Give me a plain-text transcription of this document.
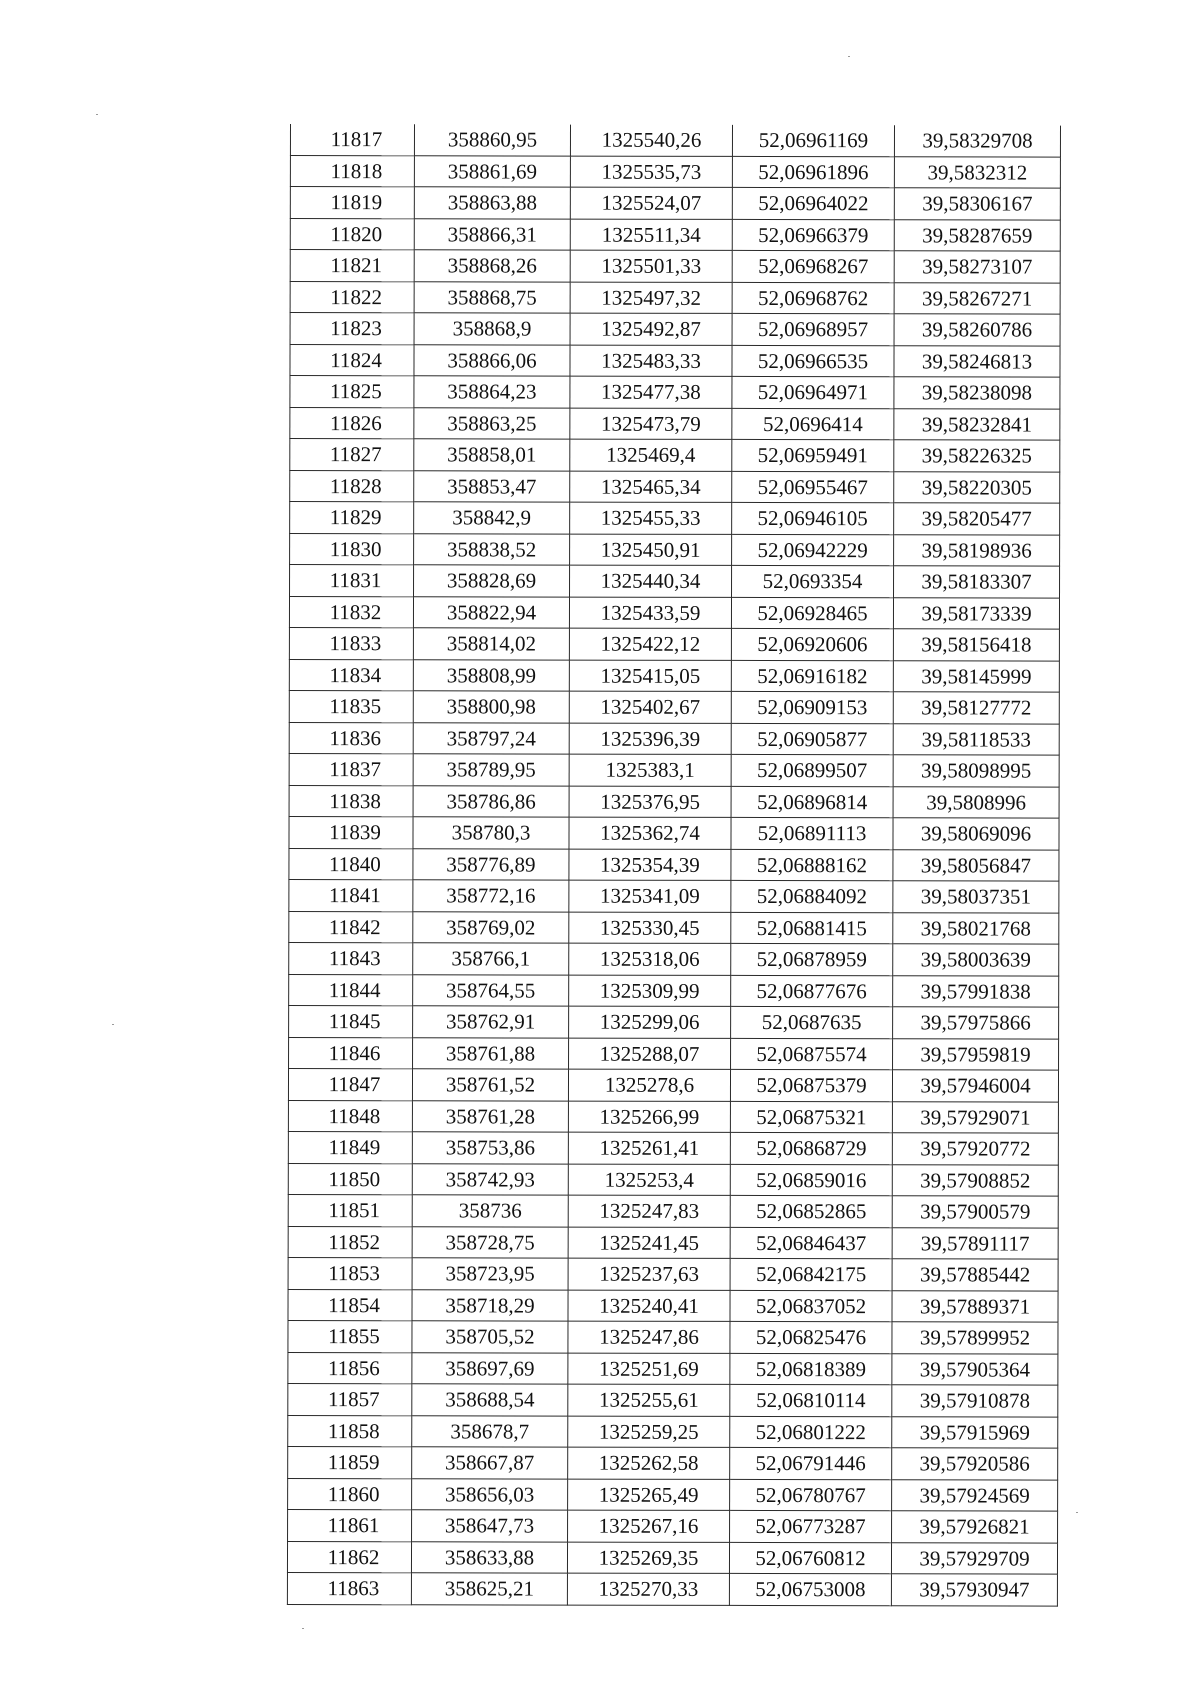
11817	358860,95	1325540,26	52,06961169	39,58329708
11818	358861,69	1325535,73	52,06961896	39,5832312
11819	358863,88	1325524,07	52,06964022	39,58306167
11820	358866,31	1325511,34	52,06966379	39,58287659
11821	358868,26	1325501,33	52,06968267	39,58273107
11822	358868,75	1325497,32	52,06968762	39,58267271
11823	358868,9	1325492,87	52,06968957	39,58260786
11824	358866,06	1325483,33	52,06966535	39,58246813
11825	358864,23	1325477,38	52,06964971	39,58238098
11826	358863,25	1325473,79	52,0696414	39,58232841
11827	358858,01	1325469,4	52,06959491	39,58226325
11828	358853,47	1325465,34	52,06955467	39,58220305
11829	358842,9	1325455,33	52,06946105	39,58205477
11830	358838,52	1325450,91	52,06942229	39,58198936
11831	358828,69	1325440,34	52,0693354	39,58183307
11832	358822,94	1325433,59	52,06928465	39,58173339
11833	358814,02	1325422,12	52,06920606	39,58156418
11834	358808,99	1325415,05	52,06916182	39,58145999
11835	358800,98	1325402,67	52,06909153	39,58127772
11836	358797,24	1325396,39	52,06905877	39,58118533
11837	358789,95	1325383,1	52,06899507	39,58098995
11838	358786,86	1325376,95	52,06896814	39,5808996
11839	358780,3	1325362,74	52,06891113	39,58069096
11840	358776,89	1325354,39	52,06888162	39,58056847
11841	358772,16	1325341,09	52,06884092	39,58037351
11842	358769,02	1325330,45	52,06881415	39,58021768
11843	358766,1	1325318,06	52,06878959	39,58003639
11844	358764,55	1325309,99	52,06877676	39,57991838
11845	358762,91	1325299,06	52,0687635	39,57975866
11846	358761,88	1325288,07	52,06875574	39,57959819
11847	358761,52	1325278,6	52,06875379	39,57946004
11848	358761,28	1325266,99	52,06875321	39,57929071
11849	358753,86	1325261,41	52,06868729	39,57920772
11850	358742,93	1325253,4	52,06859016	39,57908852
11851	358736	1325247,83	52,06852865	39,57900579
11852	358728,75	1325241,45	52,06846437	39,57891117
11853	358723,95	1325237,63	52,06842175	39,57885442
11854	358718,29	1325240,41	52,06837052	39,57889371
11855	358705,52	1325247,86	52,06825476	39,57899952
11856	358697,69	1325251,69	52,06818389	39,57905364
11857	358688,54	1325255,61	52,06810114	39,57910878
11858	358678,7	1325259,25	52,06801222	39,57915969
11859	358667,87	1325262,58	52,06791446	39,57920586
11860	358656,03	1325265,49	52,06780767	39,57924569
11861	358647,73	1325267,16	52,06773287	39,57926821
11862	358633,88	1325269,35	52,06760812	39,57929709
11863	358625,21	1325270,33	52,06753008	39,57930947
